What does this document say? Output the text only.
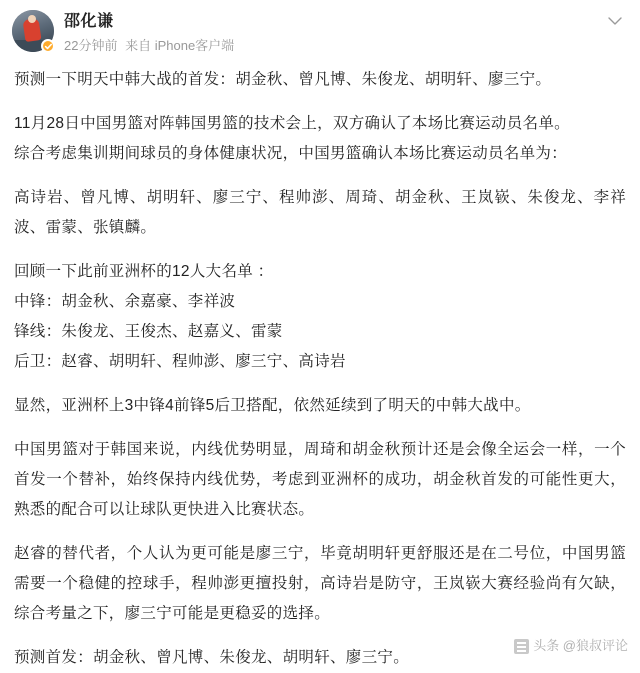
邵化谦
22分钟前 来自 iPhone客户端

预测一下明天中韩大战的首发：胡金秋、曾凡博、朱俊龙、胡明轩、廖三宁。

11月28日中国男篮对阵韩国男篮的技术会上，双方确认了本场比赛运动员名单。
综合考虑集训期间球员的身体健康状况，中国男篮确认本场比赛运动员名单为：

高诗岩、曾凡博、胡明轩、廖三宁、程帅澎、周琦、胡金秋、王岚嵚、朱俊龙、李祥波、雷蒙、张镇麟。

回顾一下此前亚洲杯的12人大名单 ：
中锋：胡金秋、余嘉豪、李祥波
锋线：朱俊龙、王俊杰、赵嘉义、雷蒙
后卫：赵睿、胡明轩、程帅澎、廖三宁、高诗岩

显然，亚洲杯上3中锋4前锋5后卫搭配，依然延续到了明天的中韩大战中。

中国男篮对于韩国来说，内线优势明显，周琦和胡金秋预计还是会像全运会一样，一个首发一个替补，始终保持内线优势，考虑到亚洲杯的成功，胡金秋首发的可能性更大，熟悉的配合可以让球队更快进入比赛状态。

赵睿的替代者，个人认为更可能是廖三宁，毕竟胡明轩更舒服还是在二号位，中国男篮需要一个稳健的控球手，程帅澎更擅投射，高诗岩是防守，王岚嵚大赛经验尚有欠缺，综合考量之下，廖三宁可能是更稳妥的选择。

预测首发：胡金秋、曾凡博、朱俊龙、胡明轩、廖三宁。

头条 @狼叔评论
